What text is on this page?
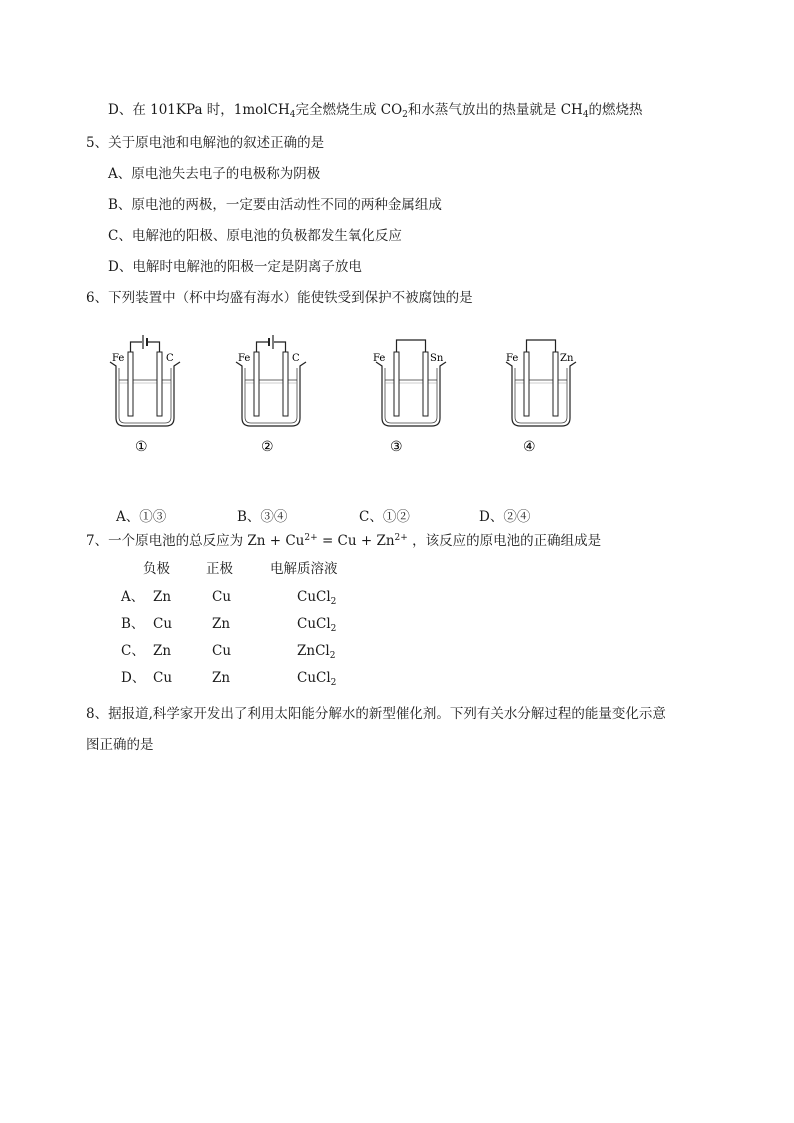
D、在 101KPa 时，1molCH$_4$完全燃烧生成 $CO_2$和水蒸气放出的热量就是 $CH_4$的燃烧热
5、关于原电池和电解池的叙述正确的是
A、原电池失去电子的电极称为阴极
B、原电池的两极，一定要由活动性不同的两种金属组成
C、电解池的阳极、原电池的负极都发生氧化反应
D、电解时电解池的阳极一定是阴离子放电
6、下列装置中（杯中均盛有海水）能使铁受到保护不被腐蚀的是
Fe	C
①
Fe	C
②
Fe	Sn
③
Fe	Zn
④
A、①③	B、③④	C、①②	D、②④
7、一个原电池的总反应为 $Zn + Cu^{2+} = Cu + Zn^{2+}$ ，该反应的原电池的正确组成是
负极	正极	电解质溶液
A、 Zn	Cu	CuCl$_2$
B、 Cu	Zn	CuCl$_2$
C、 Zn	Cu	ZnCl$_2$
D、 Cu	Zn	CuCl$_2$
8、据报道,科学家开发出了利用太阳能分解水的新型催化剂。下列有关水分解过程的能量变化示意
图正确的是
